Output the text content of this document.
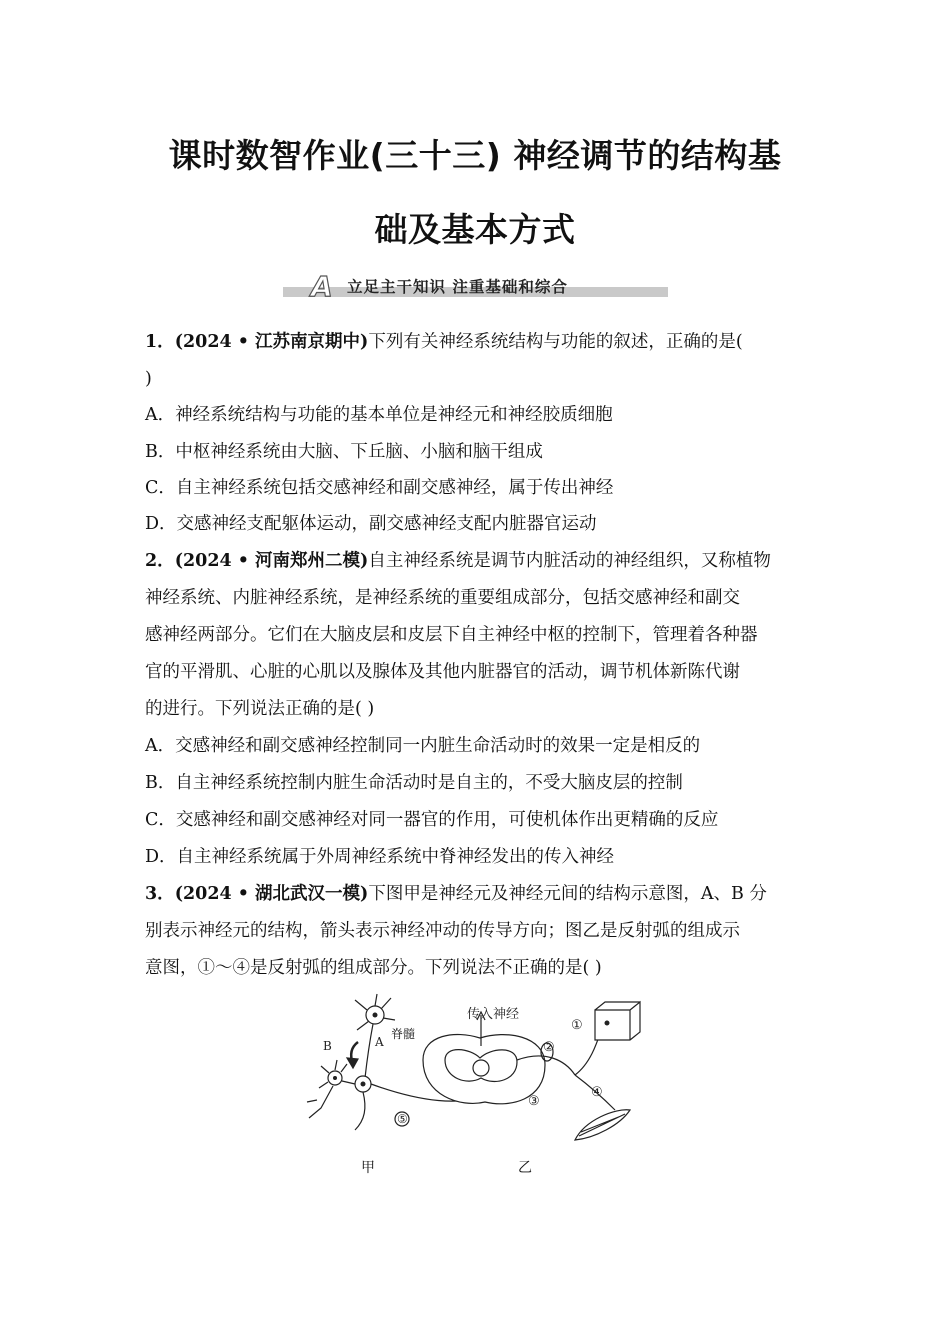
课时数智作业(三十三) 神经调节的结构基
础及基本方式
A 立足主干知识 注重基础和综合
1．(2024 • 江苏南京期中)下列有关神经系统结构与功能的叙述，正确的是(
)
A．神经系统结构与功能的基本单位是神经元和神经胶质细胞
B．中枢神经系统由大脑、下丘脑、小脑和脑干组成
C．自主神经系统包括交感神经和副交感神经，属于传出神经
D．交感神经支配躯体运动，副交感神经支配内脏器官运动
2．(2024 • 河南郑州二模)自主神经系统是调节内脏活动的神经组织，又称植物
神经系统、内脏神经系统，是神经系统的重要组成部分，包括交感神经和副交
感神经两部分。它们在大脑皮层和皮层下自主神经中枢的控制下，管理着各种器
官的平滑肌、心脏的心肌以及腺体及其他内脏器官的活动，调节机体新陈代谢
的进行。下列说法正确的是( )
A．交感神经和副交感神经控制同一内脏生命活动时的效果一定是相反的
B．自主神经系统控制内脏生命活动时是自主的，不受大脑皮层的控制
C．交感神经和副交感神经对同一器官的作用，可使机体作出更精确的反应
D．自主神经系统属于外周神经系统中脊神经发出的传入神经
3．(2024 • 湖北武汉一模)下图甲是神经元及神经元间的结构示意图，A、B 分
别表示神经元的结构，箭头表示神经冲动的传导方向；图乙是反射弧的组成示
意图，①～④是反射弧的组成部分。下列说法不正确的是( )
B	A
⑤
传入神经
脊髓
①
②
③
④
甲	乙
